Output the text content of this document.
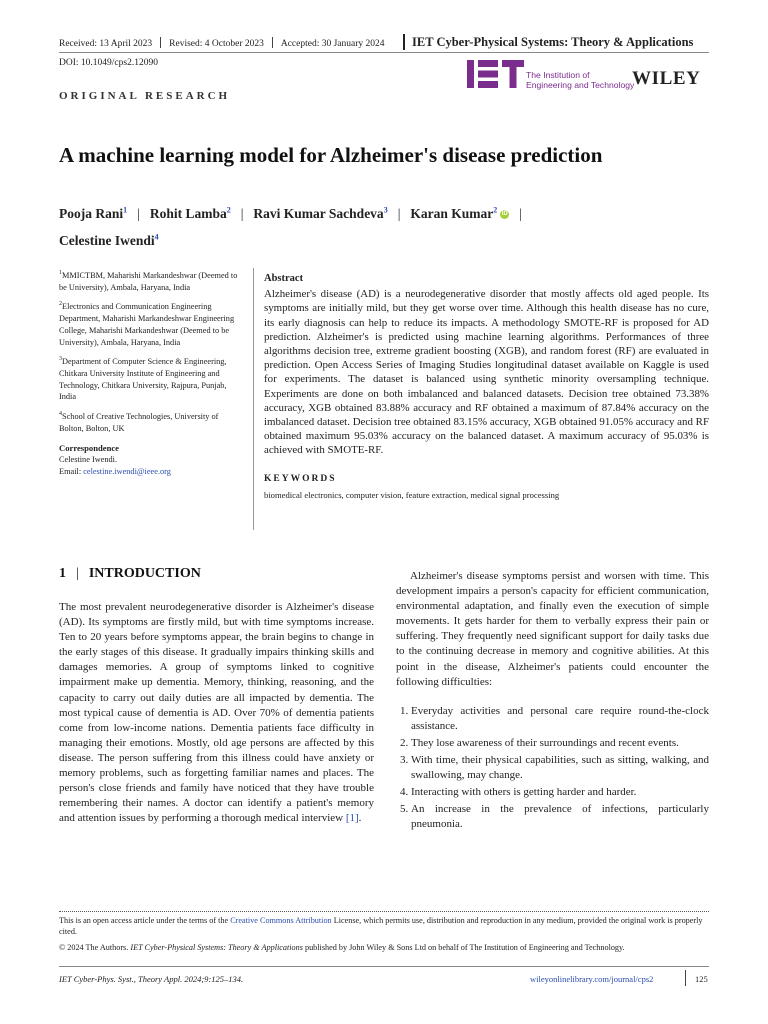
Received: 13 April 2023 Revised: 4 October 2023 Accepted: 30 January 2024 IET Cyber-Physical Systems: Theory & Applications
DOI: 10.1049/cps2.12090
The Institution of
Engineering and Technology
WILEY
ORIGINAL RESEARCH
A machine learning model for Alzheimer's disease prediction
Pooja Rani$^1$ | Rohit Lamba$^2$ | Ravi Kumar Sachdeva$^3$ | Karan Kumar$^2$ iD |
Celestine Iwendi$^4$

$^1$MMICTBM, Maharishi Markandeshwar (Deemed to be University), Ambala, Haryana, India

$^2$Electronics and Communication Engineering Department, Maharishi Markandeshwar Engineering College, Maharishi Markandeshwar (Deemed to be University), Ambala, Haryana, India

$^3$Department of Computer Science & Engineering, Chitkara University Institute of Engineering and Technology, Chitkara University, Rajpura, Punjab, India

$^4$School of Creative Technologies, University of Bolton, Bolton, UK

Correspondence
Celestine Iwendi.
Email: celestine.iwendi@ieee.org
Abstract

Alzheimer's disease (AD) is a neurodegenerative disorder that mostly affects old aged people. Its symptoms are initially mild, but they get worse over time. Although this health disease has no cure, its early diagnosis can help to reduce its impacts. A methodology SMOTE-RF is proposed for AD prediction. Alzheimer's is predicted using machine learning algorithms. Performances of three algorithms decision tree, extreme gradient boosting (XGB), and random forest (RF) are evaluated in prediction. Open Access Series of Imaging Studies longitudinal dataset available on Kaggle is used for experiments. The dataset is balanced using synthetic minority oversampling technique. Experiments are done on both imbalanced and balanced datasets. Decision tree obtained 73.38% accuracy, XGB obtained 83.88% accuracy and RF obtained a maximum of 87.84% accuracy on the imbalanced dataset. Decision tree obtained 83.15% accuracy, XGB obtained 91.05% accuracy and RF obtained maximum 95.03% accuracy on the balanced dataset. A maximum accuracy of 95.03% is achieved with SMOTE-RF.

KEYWORDS
biomedical electronics, computer vision, feature extraction, medical signal processing
1 | INTRODUCTION

The most prevalent neurodegenerative disorder is Alzheimer's disease (AD). Its symptoms are firstly mild, but with time symptoms increase. Ten to 20 years before symptoms appear, the brain begins to change in the early stages of this disease. It gradually impairs thinking skills and damages memories. A group of symptoms linked to cognitive impairment make up dementia. Memory, thinking, reasoning, and the capacity to carry out daily duties are all impacted by dementia. The most typical cause of dementia is AD. Over 70% of dementia patients come from low-income nations. Dementia patients face difficulty in managing their emotions. Mostly, old age persons are affected by this disease. The person suffering from this illness could have anxiety or memory problems, such as forgetting familiar names and places. The person's close friends and family have noticed that they have trouble remembering their names. A doctor can identify a patient's memory and attention issues by performing a thorough medical interview [1].

Alzheimer's disease symptoms persist and worsen with time. This development impairs a person's capacity for efficient communication, environmental adaptation, and finally even the execution of simple movements. It gets harder for them to verbally express their pain or suffering. They frequently need significant support for daily tasks due to the continuing decrease in memory and cognitive abilities. At this point in the disease, Alzheimer's patients could encounter the following difficulties:

1. Everyday activities and personal care require round-the-clock assistance.
2. They lose awareness of their surroundings and recent events.
3. With time, their physical capabilities, such as sitting, walking, and swallowing, may change.
4. Interacting with others is getting harder and harder.
5. An increase in the prevalence of infections, particularly pneumonia.
This is an open access article under the terms of the Creative Commons Attribution License, which permits use, distribution and reproduction in any medium, provided the original work is properly cited.
© 2024 The Authors. IET Cyber-Physical Systems: Theory & Applications published by John Wiley & Sons Ltd on behalf of The Institution of Engineering and Technology.
IET Cyber-Phys. Syst., Theory Appl. 2024;9:125–134.	wileyonlinelibrary.com/journal/cps2	125
